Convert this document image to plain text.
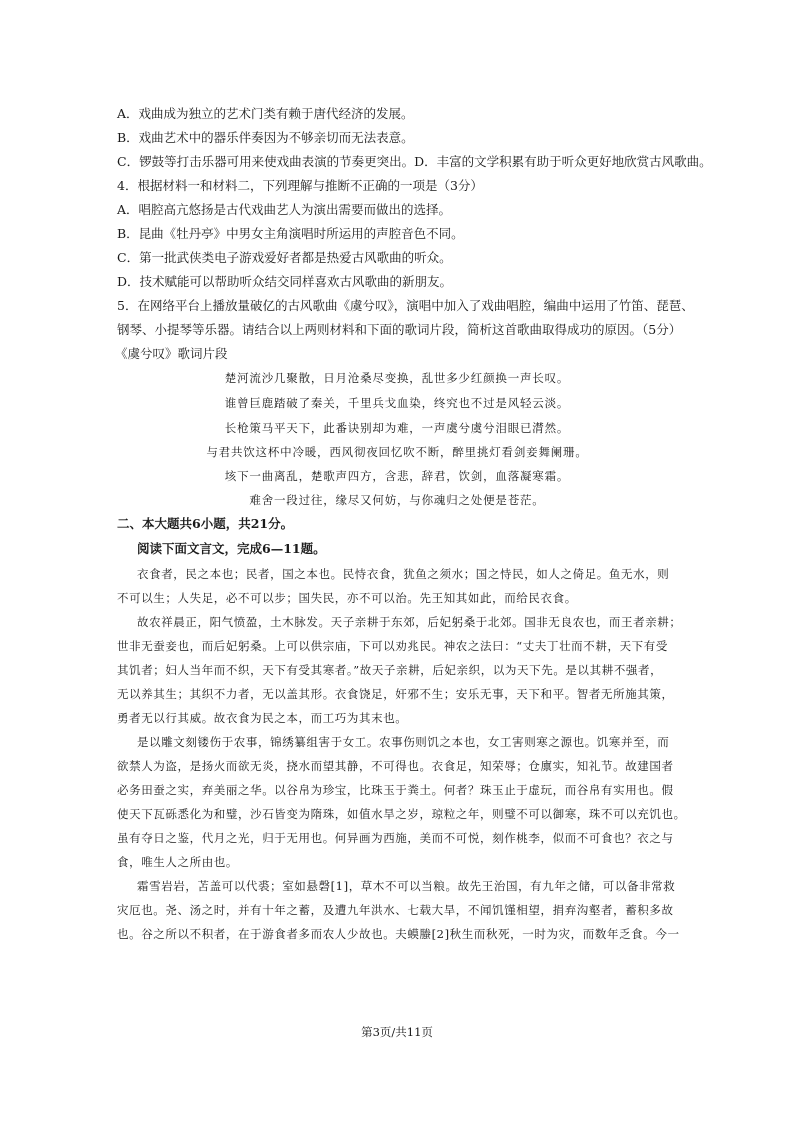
A．戏曲成为独立的艺术门类有赖于唐代经济的发展。
B．戏曲艺术中的器乐伴奏因为不够亲切而无法表意。
C．锣鼓等打击乐器可用来使戏曲表演的节奏更突出。D．丰富的文学积累有助于听众更好地欣赏古风歌曲。
4．根据材料一和材料二，下列理解与推断不正确的一项是（3分）
A．唱腔高亢悠扬是古代戏曲艺人为演出需要而做出的选择。
B．昆曲《牡丹亭》中男女主角演唱时所运用的声腔音色不同。
C．第一批武侠类电子游戏爱好者都是热爱古风歌曲的听众。
D．技术赋能可以帮助听众结交同样喜欢古风歌曲的新朋友。
5．在网络平台上播放量破亿的古风歌曲《虞兮叹》，演唱中加入了戏曲唱腔，编曲中运用了竹笛、琵琶、
钢琴、小提琴等乐器。请结合以上两则材料和下面的歌词片段，简析这首歌曲取得成功的原因。（5分）
《虞兮叹》歌词片段
楚河流沙几聚散，日月沧桑尽变换，乱世多少红颜换一声长叹。
谁曾巨鹿踏破了秦关，千里兵戈血染，终究也不过是风轻云淡。
长枪策马平天下，此番诀别却为难，一声虞兮虞兮泪眼已潸然。
与君共饮这杯中冷暖，西风彻夜回忆吹不断，醉里挑灯看剑妾舞阑珊。
垓下一曲离乱，楚歌声四方，含悲，辞君，饮剑，血落凝寒霜。
难舍一段过往，缘尽又何妨，与你魂归之处便是苍茫。
二、本大题共6小题，共21分。
阅读下面文言文，完成6—11题。
衣食者，民之本也；民者，国之本也。民恃衣食，犹鱼之须水；国之恃民，如人之倚足。鱼无水，则
不可以生；人失足，必不可以步；国失民，亦不可以治。先王知其如此，而给民衣食。
故农祥晨正，阳气愤盈，土木脉发。天子亲耕于东郊，后妃躬桑于北郊。国非无良农也，而王者亲耕；
世非无蚕妾也，而后妃躬桑。上可以供宗庙，下可以劝兆民。神农之法曰：“丈夫丁壮而不耕，天下有受
其饥者；妇人当年而不织，天下有受其寒者。”故天子亲耕，后妃亲织，以为天下先。是以其耕不强者，
无以养其生；其织不力者，无以盖其形。衣食饶足，奸邪不生；安乐无事，天下和平。智者无所施其策，
勇者无以行其威。故衣食为民之本，而工巧为其末也。
是以雕文刻镂伤于农事，锦绣纂组害于女工。农事伤则饥之本也，女工害则寒之源也。饥寒并至，而
欲禁人为盗，是扬火而欲无炎，挠水而望其静，不可得也。衣食足，知荣辱；仓廪实，知礼节。故建国者
必务田蚕之实，弃美丽之华。以谷帛为珍宝，比珠玉于粪土。何者？珠玉止于虚玩，而谷帛有实用也。假
使天下瓦砾悉化为和璧，沙石皆变为隋珠，如值水旱之岁，琼粒之年，则璧不可以御寒，珠不可以充饥也。
虽有夺日之鉴，代月之光，归于无用也。何异画为西施，美而不可悦，刻作桃李，似而不可食也？衣之与
食，唯生人之所由也。
霜雪岩岩，苫盖可以代裘；室如悬磬[1]，草木不可以当粮。故先王治国，有九年之储，可以备非常救
灾厄也。尧、汤之时，并有十年之蓄，及遭九年洪水、七载大旱，不闻饥馑相望，捐弃沟壑者，蓄积多故
也。谷之所以不积者，在于游食者多而农人少故也。夫蟆螣[2]秋生而秋死，一时为灾，而数年乏食。今一
第3页/共11页
